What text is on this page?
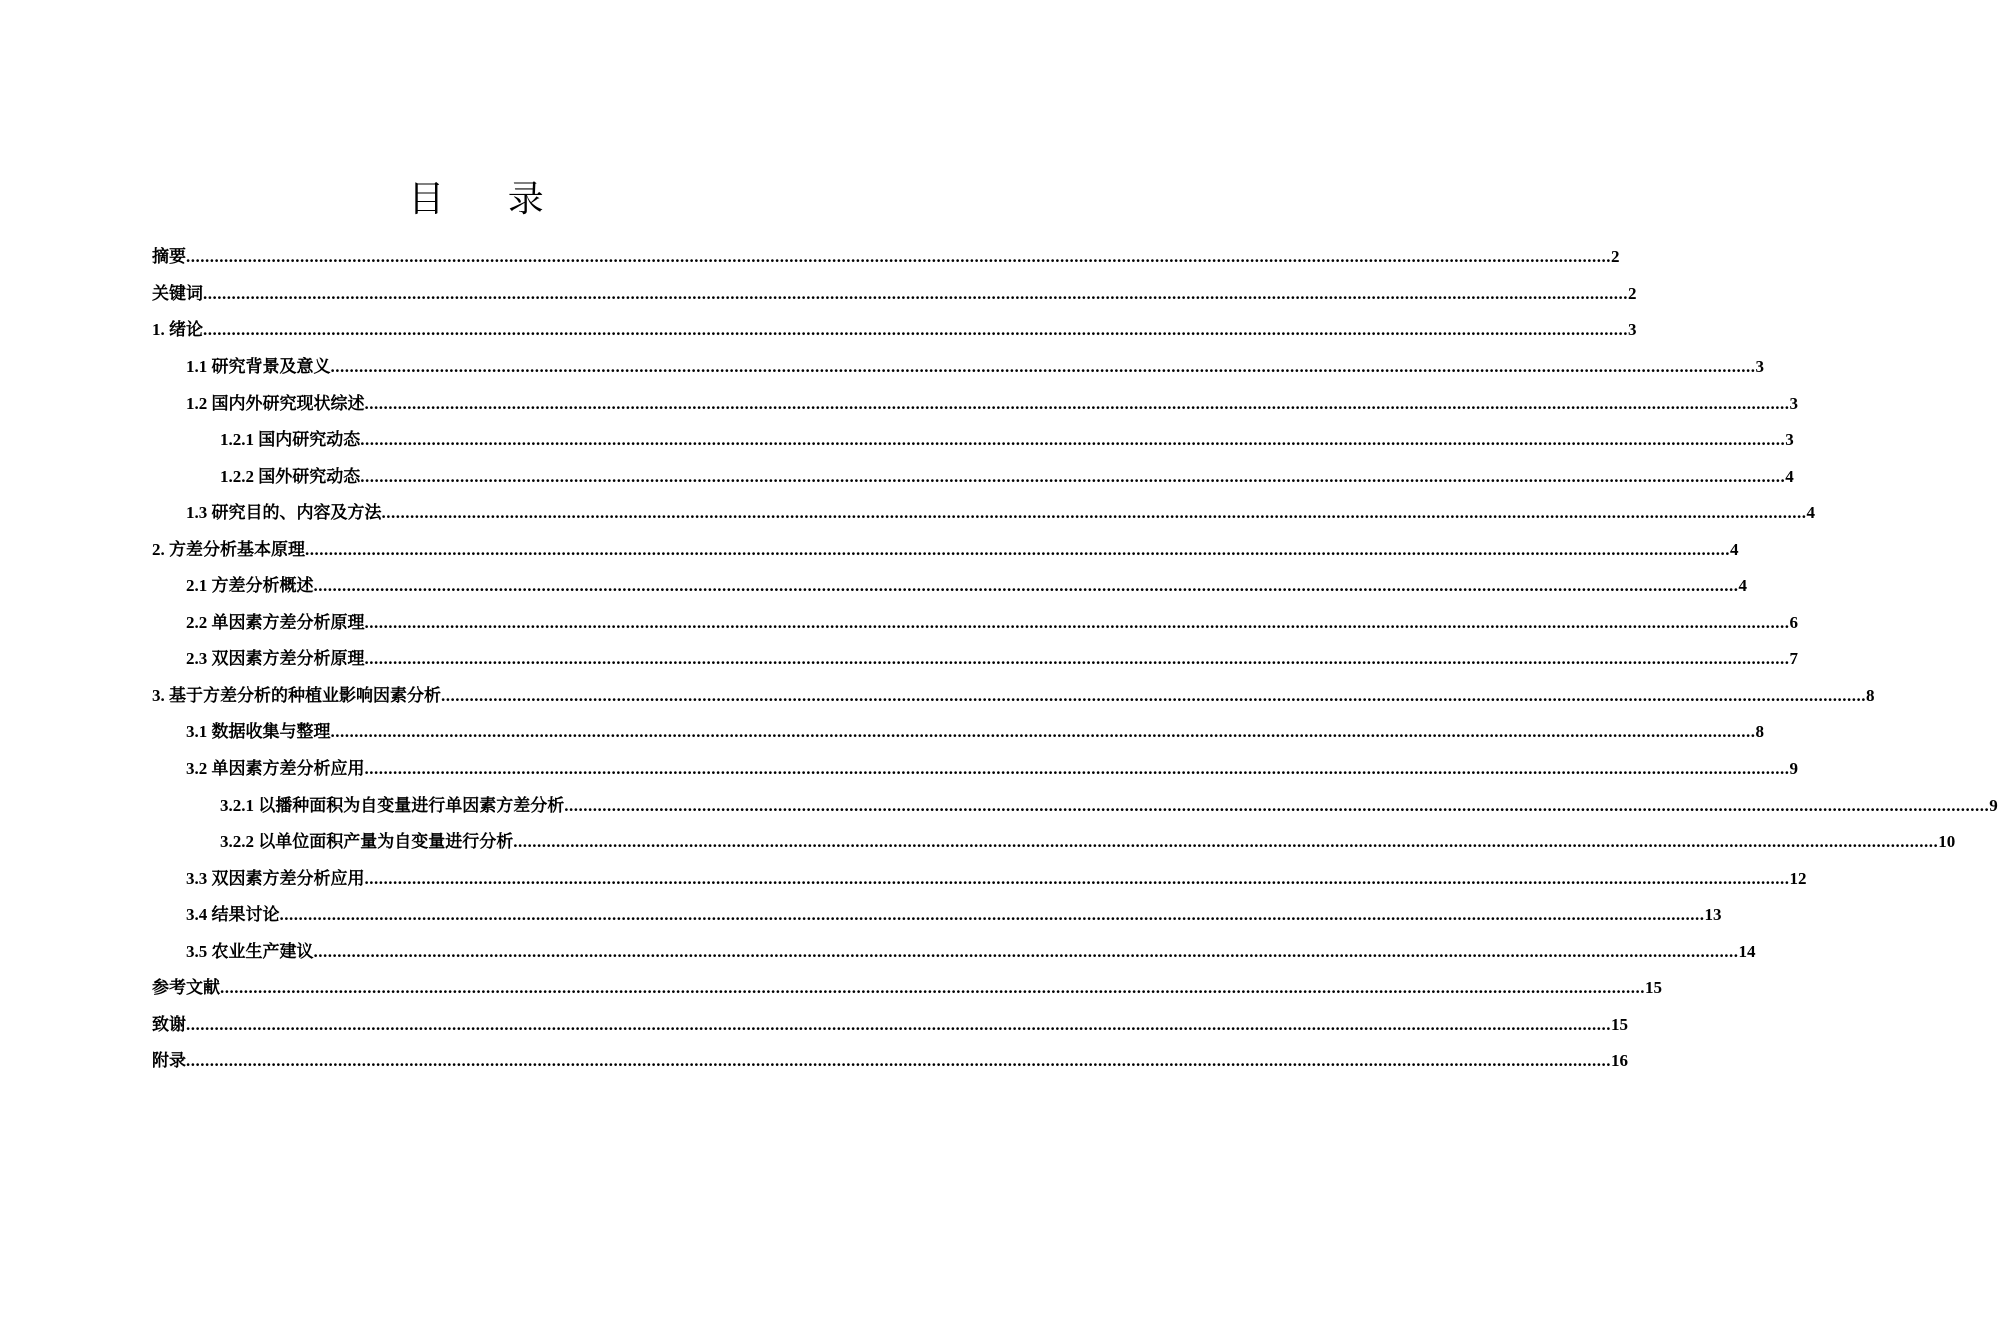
目 录
摘要 ............................................................................................................................................................................................................................................................................................................ 2
关键词 ............................................................................................................................................................................................................................................................................................................ 2
1. 绪论 ............................................................................................................................................................................................................................................................................................................ 3
1.1 研究背景及意义 ............................................................................................................................................................................................................................................................................................................ 3
1.2 国内外研究现状综述 ............................................................................................................................................................................................................................................................................................................ 3
1.2.1 国内研究动态 ............................................................................................................................................................................................................................................................................................................ 3
1.2.2 国外研究动态 ............................................................................................................................................................................................................................................................................................................ 4
1.3 研究目的、内容及方法 ............................................................................................................................................................................................................................................................................................................ 4
2. 方差分析基本原理 ............................................................................................................................................................................................................................................................................................................ 4
2.1 方差分析概述 ............................................................................................................................................................................................................................................................................................................ 4
2.2 单因素方差分析原理 ............................................................................................................................................................................................................................................................................................................ 6
2.3 双因素方差分析原理 ............................................................................................................................................................................................................................................................................................................ 7
3. 基于方差分析的种植业影响因素分析 ............................................................................................................................................................................................................................................................................................................ 8
3.1 数据收集与整理 ............................................................................................................................................................................................................................................................................................................ 8
3.2 单因素方差分析应用 ............................................................................................................................................................................................................................................................................................................ 9
3.2.1 以播种面积为自变量进行单因素方差分析 ............................................................................................................................................................................................................................................................................................................ 9
3.2.2 以单位面积产量为自变量进行分析 ............................................................................................................................................................................................................................................................................................................ 10
3.3 双因素方差分析应用 ............................................................................................................................................................................................................................................................................................................ 12
3.4 结果讨论 ............................................................................................................................................................................................................................................................................................................ 13
3.5 农业生产建议 ............................................................................................................................................................................................................................................................................................................ 14
参考文献 ............................................................................................................................................................................................................................................................................................................ 15
致谢 ............................................................................................................................................................................................................................................................................................................ 15
附录 ............................................................................................................................................................................................................................................................................................................ 16
